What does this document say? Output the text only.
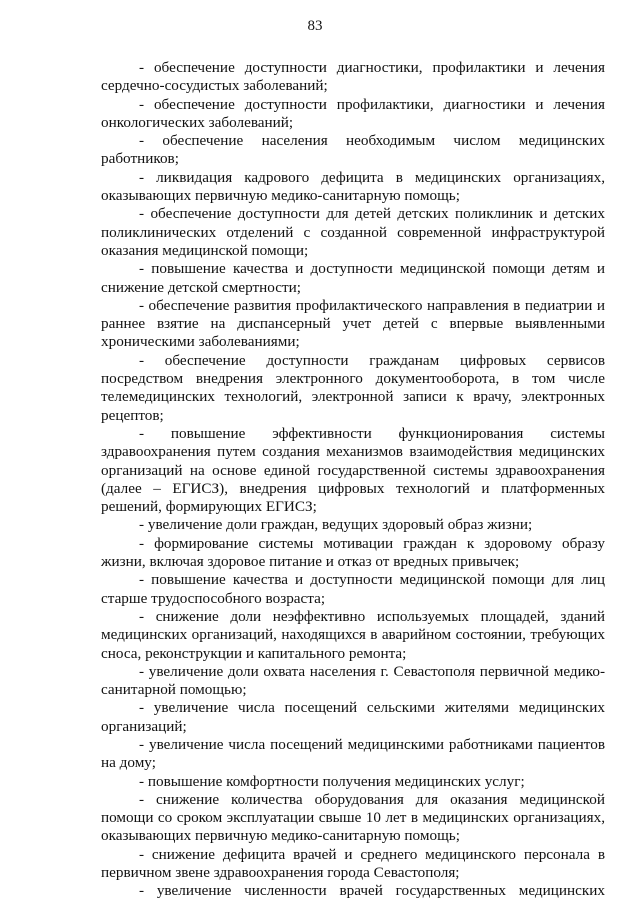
83

- обеспечение доступности диагностики, профилактики и лечения сердечно-сосудистых заболеваний;

- обеспечение доступности профилактики, диагностики и лечения онкологических заболеваний;

- обеспечение населения необходимым числом медицинских работников;

- ликвидация кадрового дефицита в медицинских организациях, оказывающих первичную медико-санитарную помощь;

- обеспечение доступности для детей детских поликлиник и детских поликлинических отделений с созданной современной инфраструктурой оказания медицинской помощи;

- повышение качества и доступности медицинской помощи детям и снижение детской смертности;

- обеспечение развития профилактического направления в педиатрии и раннее взятие на диспансерный учет детей с впервые выявленными хроническими заболеваниями;

- обеспечение доступности гражданам цифровых сервисов посредством внедрения электронного документооборота, в том числе телемедицинских технологий, электронной записи к врачу, электронных рецептов;

- повышение эффективности функционирования системы здравоохранения путем создания механизмов взаимодействия медицинских организаций на основе единой государственной системы здравоохранения (далее – ЕГИСЗ), внедрения цифровых технологий и платформенных решений, формирующих ЕГИСЗ;

- увеличение доли граждан, ведущих здоровый образ жизни;

- формирование системы мотивации граждан к здоровому образу жизни, включая здоровое питание и отказ от вредных привычек;

- повышение качества и доступности медицинской помощи для лиц старше трудоспособного возраста;

- снижение доли неэффективно используемых площадей, зданий медицинских организаций, находящихся в аварийном состоянии, требующих сноса, реконструкции и капитального ремонта;

- увеличение доли охвата населения г. Севастополя первичной медико-санитарной помощью;

- увеличение числа посещений сельскими жителями медицинских организаций;

- увеличение числа посещений медицинскими работниками пациентов на дому;

- повышение комфортности получения медицинских услуг;

- снижение количества оборудования для оказания медицинской помощи со сроком эксплуатации свыше 10 лет в медицинских организациях, оказывающих первичную медико-санитарную помощь;

- снижение дефицита врачей и среднего медицинского персонала в первичном звене здравоохранения города Севастополя;

- увеличение численности врачей государственных медицинских
